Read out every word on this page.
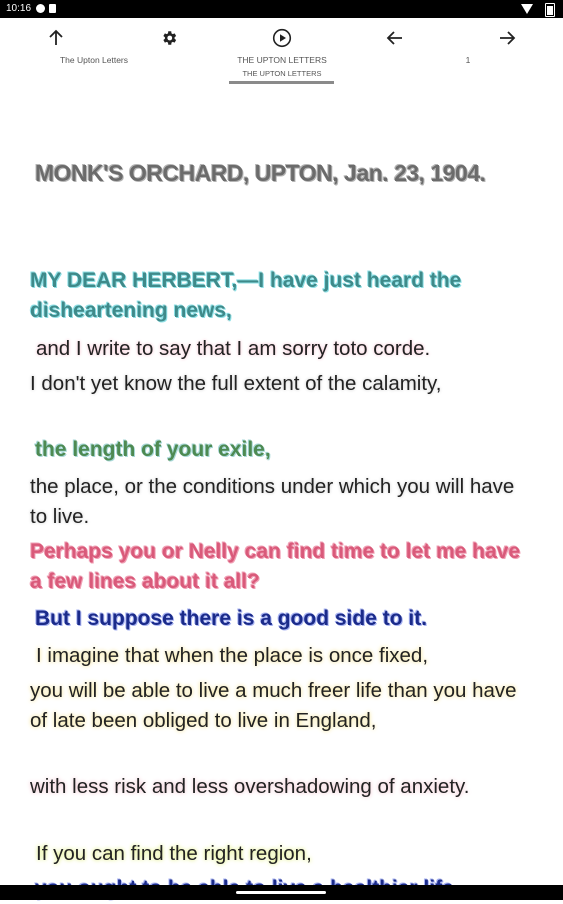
10:16
The Upton Letters	THE UPTON LETTERS
THE UPTON LETTERS
1

MONK'S ORCHARD, UPTON, Jan. 23, 1904.

MY DEAR HERBERT,—I have just heard the disheartening news,

and I write to say that I am sorry toto corde.

I don't yet know the full extent of the calamity,

the length of your exile,

the place, or the conditions under which you will have to live.

Perhaps you or Nelly can find time to let me have a few lines about it all?

But I suppose there is a good side to it.

I imagine that when the place is once fixed,

you will be able to live a much freer life than you have of late been obliged to live in England,

with less risk and less overshadowing of anxiety.

If you can find the right region,
